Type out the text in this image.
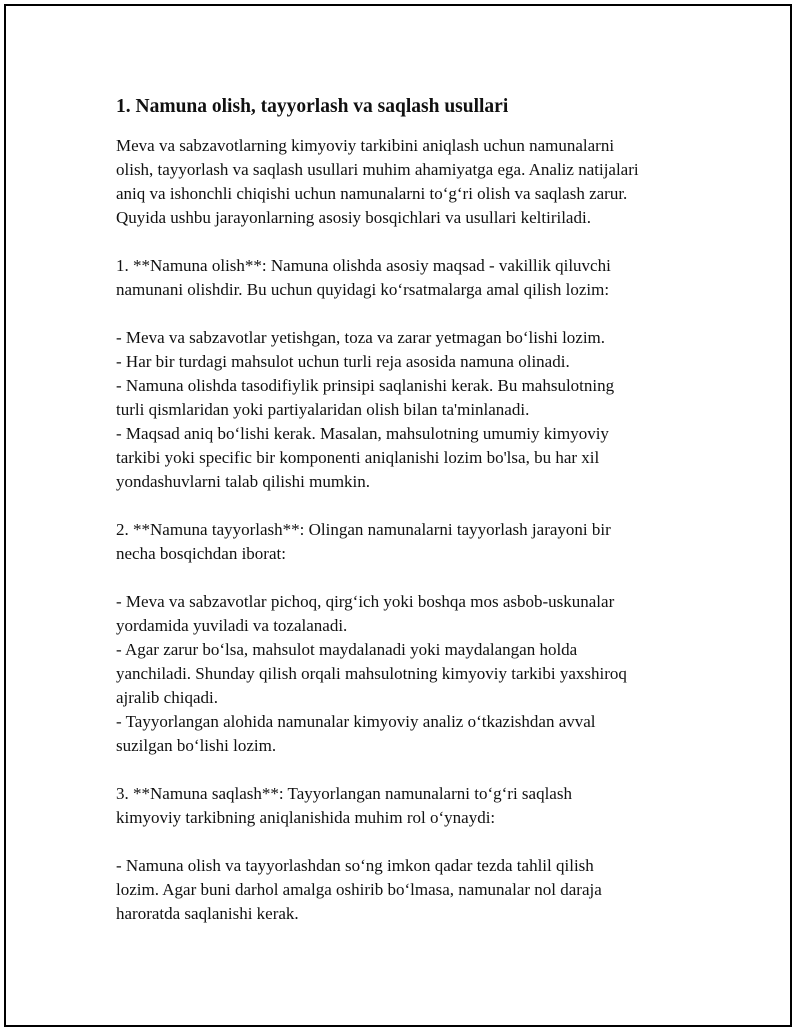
1. Namuna olish, tayyorlash va saqlash usullari

Meva va sabzavotlarning kimyoviy tarkibini aniqlash uchun namunalarni
olish, tayyorlash va saqlash usullari muhim ahamiyatga ega. Analiz natijalari
aniq va ishonchli chiqishi uchun namunalarni to‘g‘ri olish va saqlash zarur.
Quyida ushbu jarayonlarning asosiy bosqichlari va usullari keltiriladi.

1. **Namuna olish**: Namuna olishda asosiy maqsad - vakillik qiluvchi
namunani olishdir. Bu uchun quyidagi ko‘rsatmalarga amal qilish lozim:

- Meva va sabzavotlar yetishgan, toza va zarar yetmagan bo‘lishi lozim.
- Har bir turdagi mahsulot uchun turli reja asosida namuna olinadi.
- Namuna olishda tasodifiylik prinsipi saqlanishi kerak. Bu mahsulotning
turli qismlaridan yoki partiyalaridan olish bilan ta'minlanadi.
- Maqsad aniq bo‘lishi kerak. Masalan, mahsulotning umumiy kimyoviy
tarkibi yoki specific bir komponenti aniqlanishi lozim bo'lsa, bu har xil
yondashuvlarni talab qilishi mumkin.

2. **Namuna tayyorlash**: Olingan namunalarni tayyorlash jarayoni bir
necha bosqichdan iborat:

- Meva va sabzavotlar pichoq, qirg‘ich yoki boshqa mos asbob-uskunalar
yordamida yuviladi va tozalanadi.
- Agar zarur bo‘lsa, mahsulot maydalanadi yoki maydalangan holda
yanchiladi. Shunday qilish orqali mahsulotning kimyoviy tarkibi yaxshiroq
ajralib chiqadi.
- Tayyorlangan alohida namunalar kimyoviy analiz o‘tkazishdan avval
suzilgan bo‘lishi lozim.

3. **Namuna saqlash**: Tayyorlangan namunalarni to‘g‘ri saqlash
kimyoviy tarkibning aniqlanishida muhim rol o‘ynaydi:

- Namuna olish va tayyorlashdan so‘ng imkon qadar tezda tahlil qilish
lozim. Agar buni darhol amalga oshirib bo‘lmasa, namunalar nol daraja
haroratda saqlanishi kerak.
